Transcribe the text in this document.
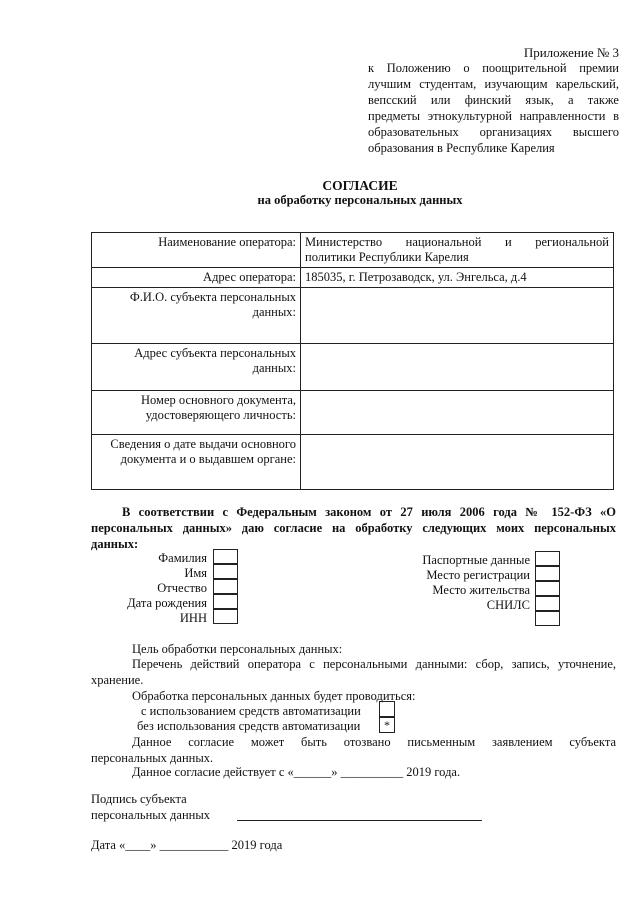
Приложение № 3
к Положению о поощрительной премии
лучшим студентам, изучающим карельский,
вепсский или финский язык, а также
предметы этнокультурной направленности в
образовательных организациях высшего
образования в Республике Карелия
СОГЛАСИЕ
на обработку персональных данных
Наименование оператора:	Министерство национальной и региональной
политики Республики Карелия

Адрес оператора:	185035, г. Петрозаводск, ул. Энгельса, д.4

Ф.И.О. субъекта персональных
данных:	

Адрес субъекта персональных
данных:	

Номер основного документа,
удостоверяющего личность:	

Сведения о дате выдачи основного
документа и о выдавшем органе:	

В соответствии с Федеральным законом от 27 июля 2006 года № 152-ФЗ «О
персональных данных» даю согласие на обработку следующих моих персональных
данных:
Фамилия
Имя
Отчество
Дата рождения
ИНН
Паспортные данные
Место регистрации
Место жительства
СНИЛС
Цель обработки персональных данных:
Перечень действий оператора с персональными данными: сбор, запись, уточнение,
хранение.
Обработка персональных данных будет проводиться:
с использованием средств автоматизации
без использования средств автоматизации	*
Данное согласие может быть отозвано письменным заявлением субъекта
персональных данных.
Данное согласие действует с «______» __________ 2019 года.
Подпись субъекта
персональных данных
Дата «____» ___________ 2019 года
